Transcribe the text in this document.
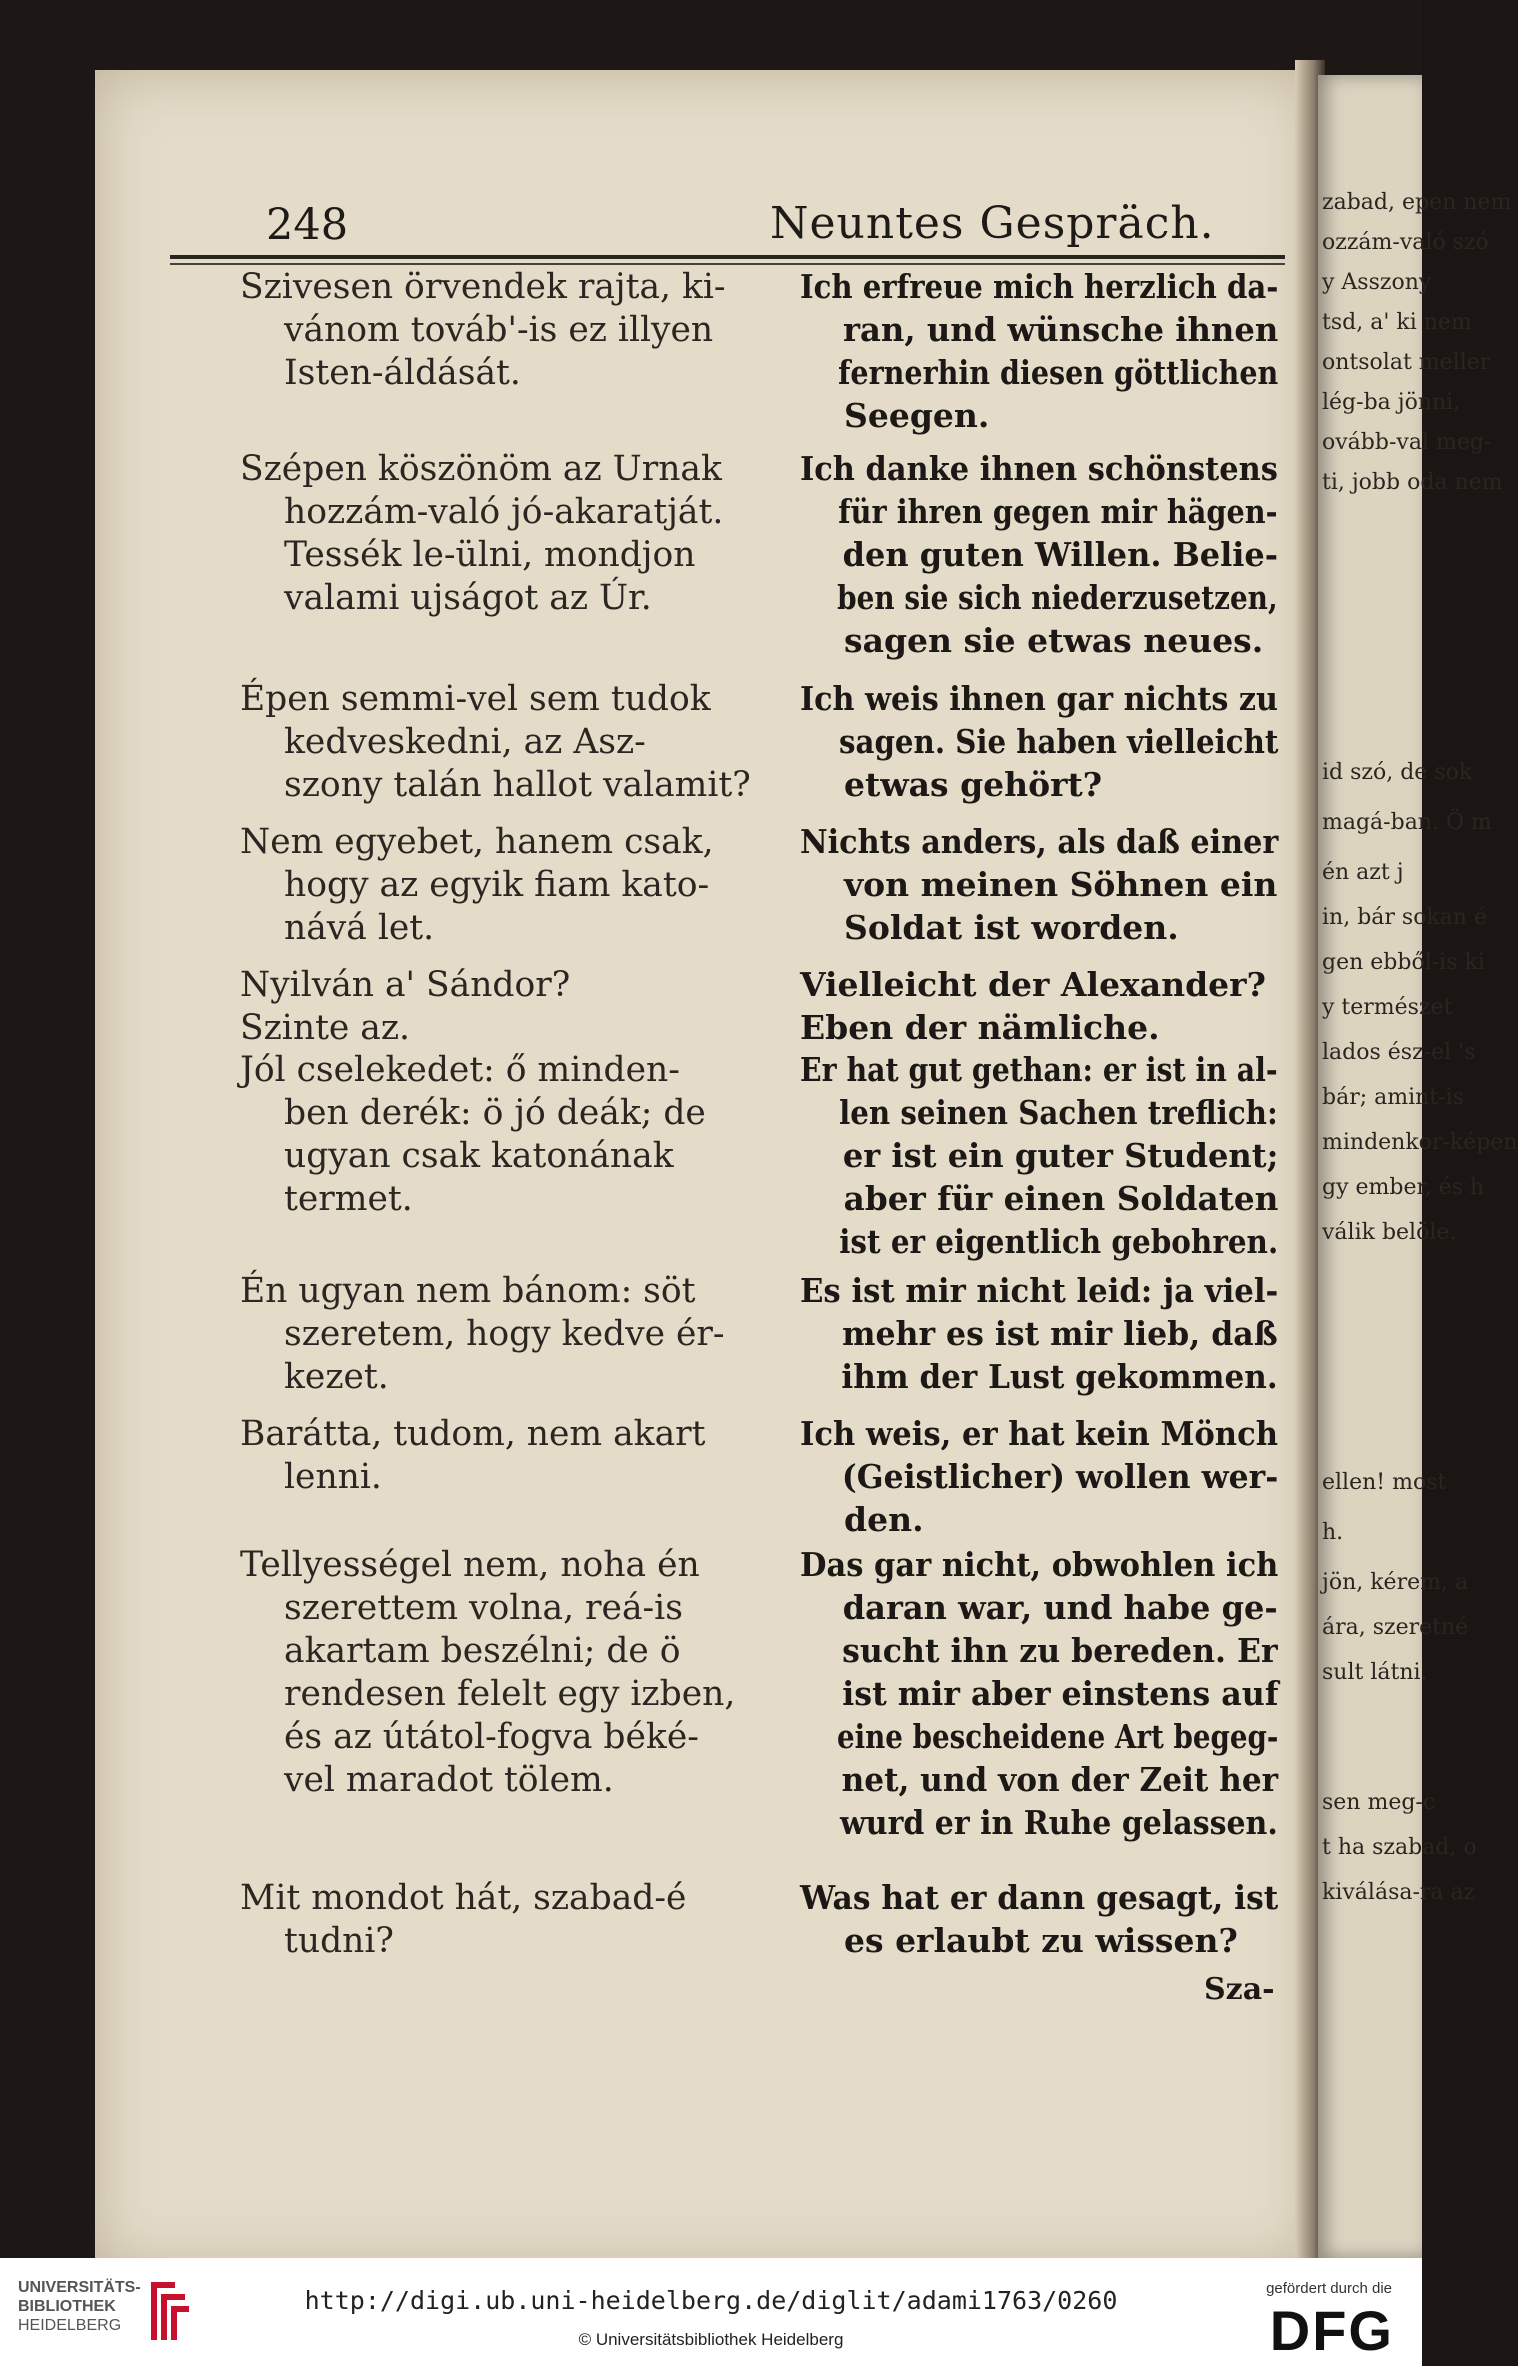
zabad, epen nem
ozzám-való szó
y Asszony
tsd, a' ki nem
ontsolat meller
lég-ba jönni,
ovább-val meg-
ti, jobb oda nem
id szó, de sok
magá-ban. Ö m
én azt j
in, bár sokan é
gen ebből-is ki
y természet
lados ész-el 's
bár; amint-is
mindenkor-képen
gy ember, és h
válik belöle.
ellen! most
h.
jön, kérem, a
ára, szeretné
sult látni.
sen meg-c
t ha szabad, o
kiválása-ra az
248	Neuntes Gespräch.
Sza-
Szivesen örvendek rajta, ki-
vánom továb'-is ez illyen
Isten-áldását.
Szépen köszönöm az Urnak
hozzám-való jó-akaratját.
Tessék le-ülni, mondjon
valami ujságot az Úr.
Épen semmi-vel sem tudok
kedveskedni, az Asz-
szony talán hallot valamit?
Nem egyebet, hanem csak,
hogy az egyik fiam kato-
nává let.
Nyilván a' Sándor?
Szinte az.
Jól cselekedet: ő minden-
ben derék: ö jó deák; de
ugyan csak katonának
termet.
Én ugyan nem bánom: söt
szeretem, hogy kedve ér-
kezet.
Barátta, tudom, nem akart
lenni.
Tellyességel nem, noha én
szerettem volna, reá-is
akartam beszélni; de ö
rendesen felelt egy izben,
és az útátol-fogva béké-
vel maradot tölem.
Mit mondot hát, szabad-é
tudni?
Ich erfreue mich herzlich da-
ran, und wünsche ihnen
fernerhin diesen göttlichen
Seegen.
Ich danke ihnen schönstens
für ihren gegen mir hägen-
den guten Willen. Belie-
ben sie sich niederzusetzen,
sagen sie etwas neues.
Ich weis ihnen gar nichts zu
sagen. Sie haben vielleicht
etwas gehört?
Nichts anders, als daß einer
von meinen Söhnen ein
Soldat ist worden.
Vielleicht der Alexander?
Eben der nämliche.
Er hat gut gethan: er ist in al-
len seinen Sachen treflich:
er ist ein guter Student;
aber für einen Soldaten
ist er eigentlich gebohren.
Es ist mir nicht leid: ja viel-
mehr es ist mir lieb, daß
ihm der Lust gekommen.
Ich weis, er hat kein Mönch
(Geistlicher) wollen wer-
den.
Das gar nicht, obwohlen ich
daran war, und habe ge-
sucht ihn zu bereden. Er
ist mir aber einstens auf
eine bescheidene Art begeg-
net, und von der Zeit her
wurd er in Ruhe gelassen.
Was hat er dann gesagt, ist
es erlaubt zu wissen?
UNIVERSITÄTS-
BIBLIOTHEK
HEIDELBERG
http://digi.ub.uni-heidelberg.de/diglit/adami1763/0260
© Universitätsbibliothek Heidelberg
gefördert durch die
DFG
